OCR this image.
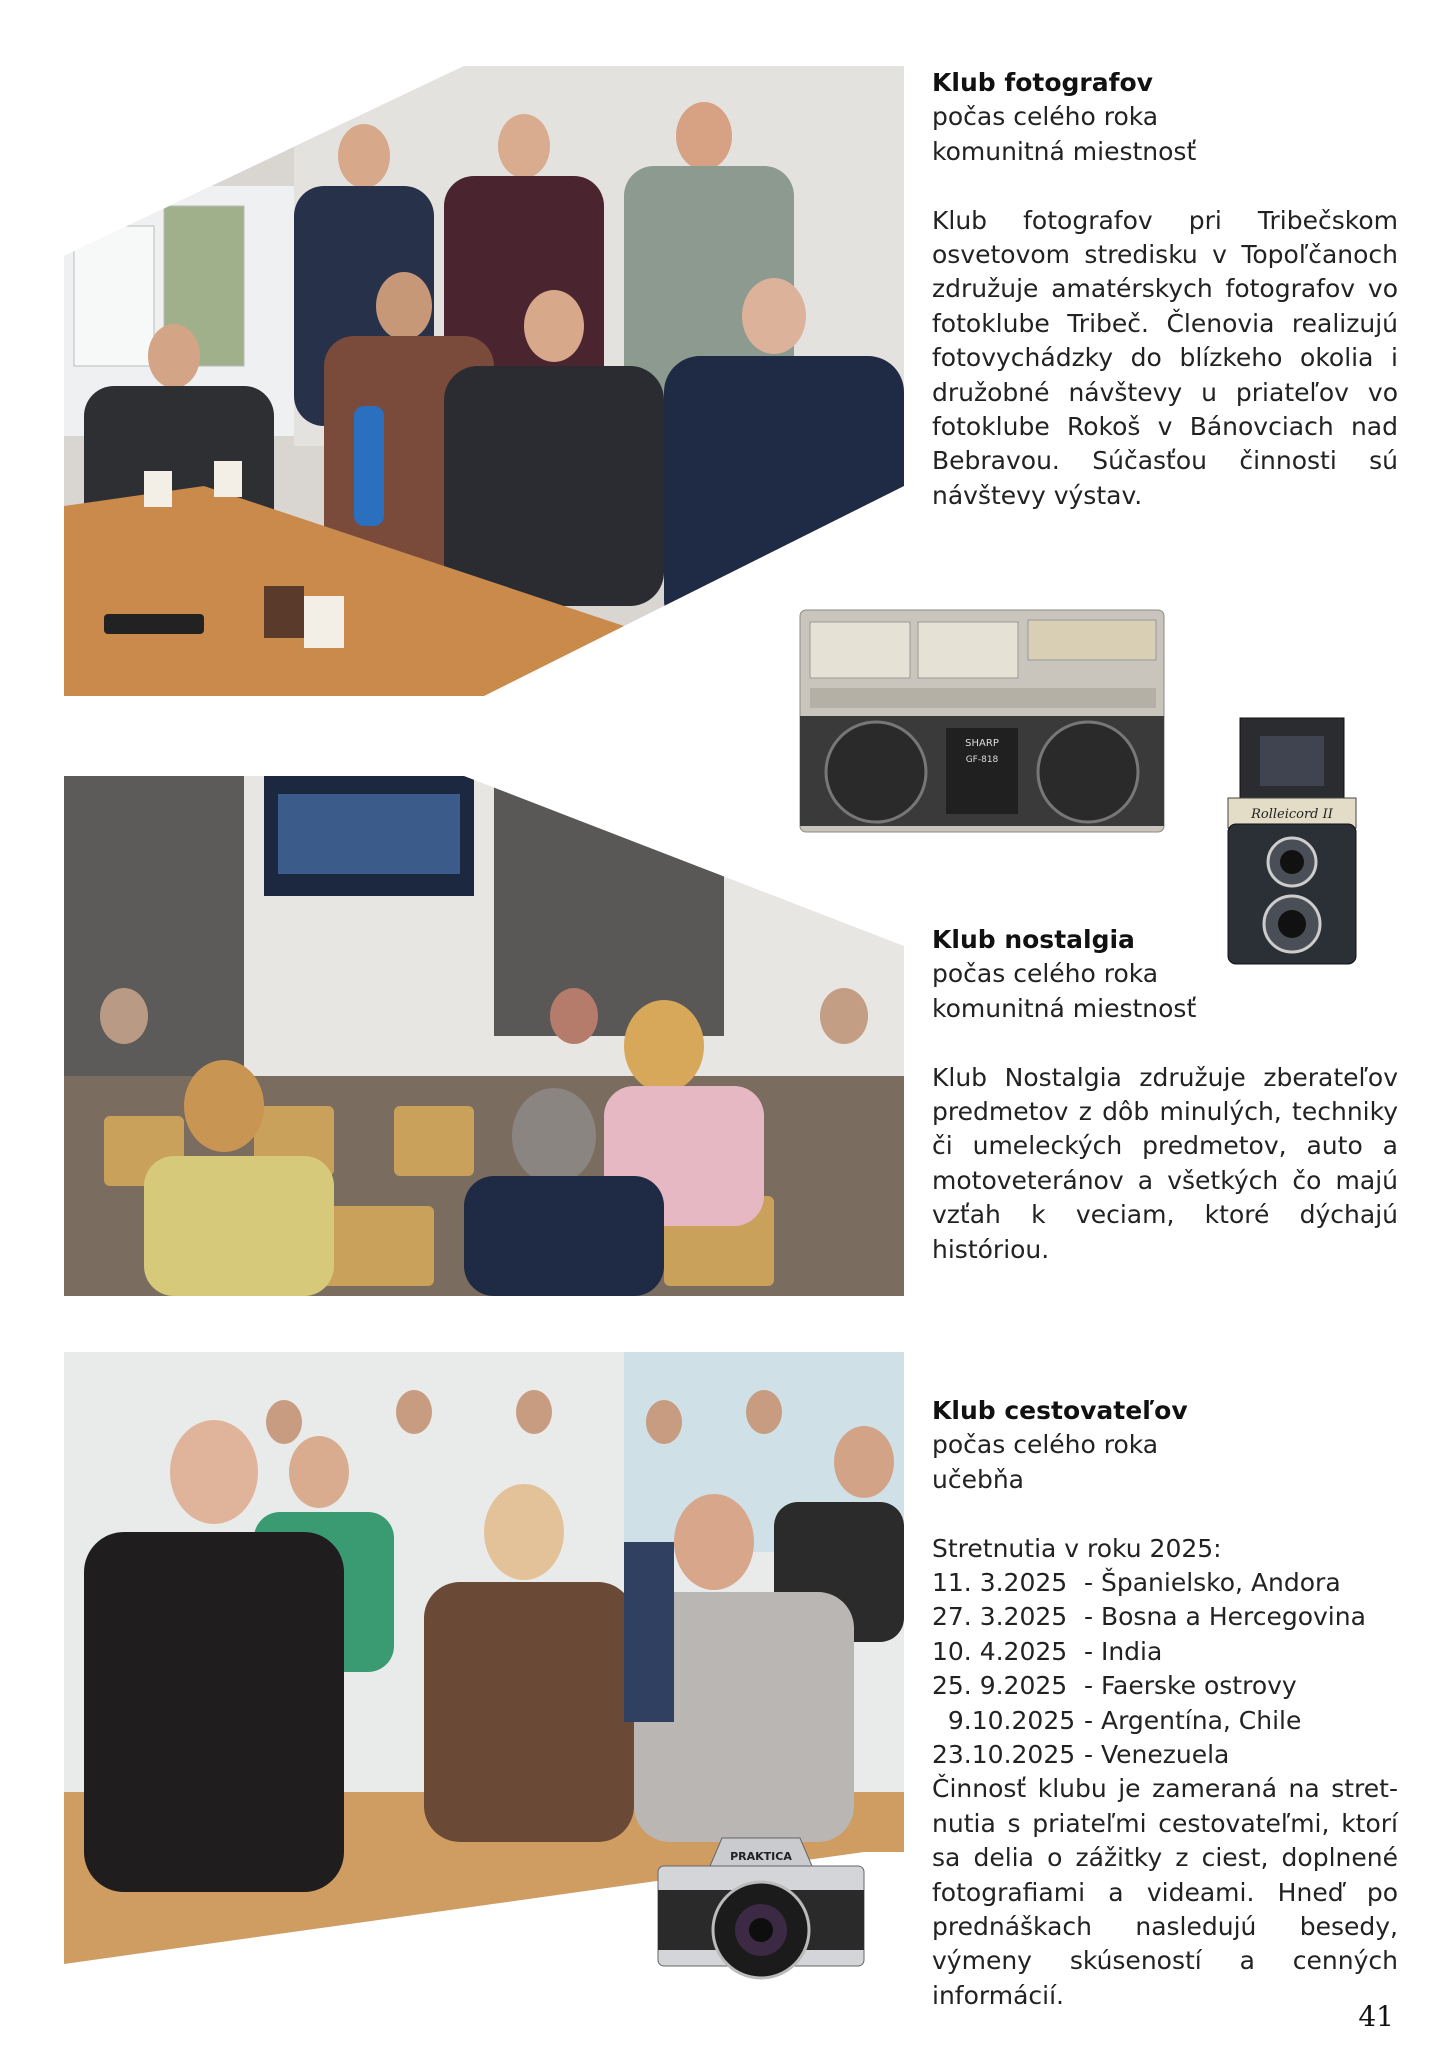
Klub fotografov

počas celého roka

komunitná miestnosť

Klub fotografov pri Tribečskom osvetovom stredisku v Topoľčanoch združuje amatérskych fotografov vo fotoklube Tribeč. Členovia realizujú fotovychádzky do blízkeho okolia i družobné návštevy u priateľov vo fotoklube Rokoš v Bánovciach nad Bebravou. Súčasťou činnosti sú návštevy výstav.

SHARP
GF-818
Rolleicord II

Klub nostalgia

počas celého roka

komunitná miestnosť

Klub Nostalgia združuje zberateľov predmetov z dôb minulých, techniky či umeleckých predmetov, auto a motoveteránov a všetkých čo majú vzťah k veciam, ktoré dýchajú históriou.

Klub cestovateľov

počas celého roka

učebňa

Stretnutia v roku 2025:

11. 3.2025 - Španielsko, Andora
27. 3.2025 - Bosna a Hercegovina
10. 4.2025 - India
25. 9.2025 - Faerske ostrovy
9.10.2025 - Argentína, Chile
23.10.2025 - Venezuela

Činnosť klubu je zameraná na stret-nutia s priateľmi cestovateľmi, ktorí sa delia o zážitky z ciest, doplnené fotografiami a videami. Hneď po prednáškach nasledujú besedy, výmeny skúseností a cenných informácií.

PRAKTICA
41
